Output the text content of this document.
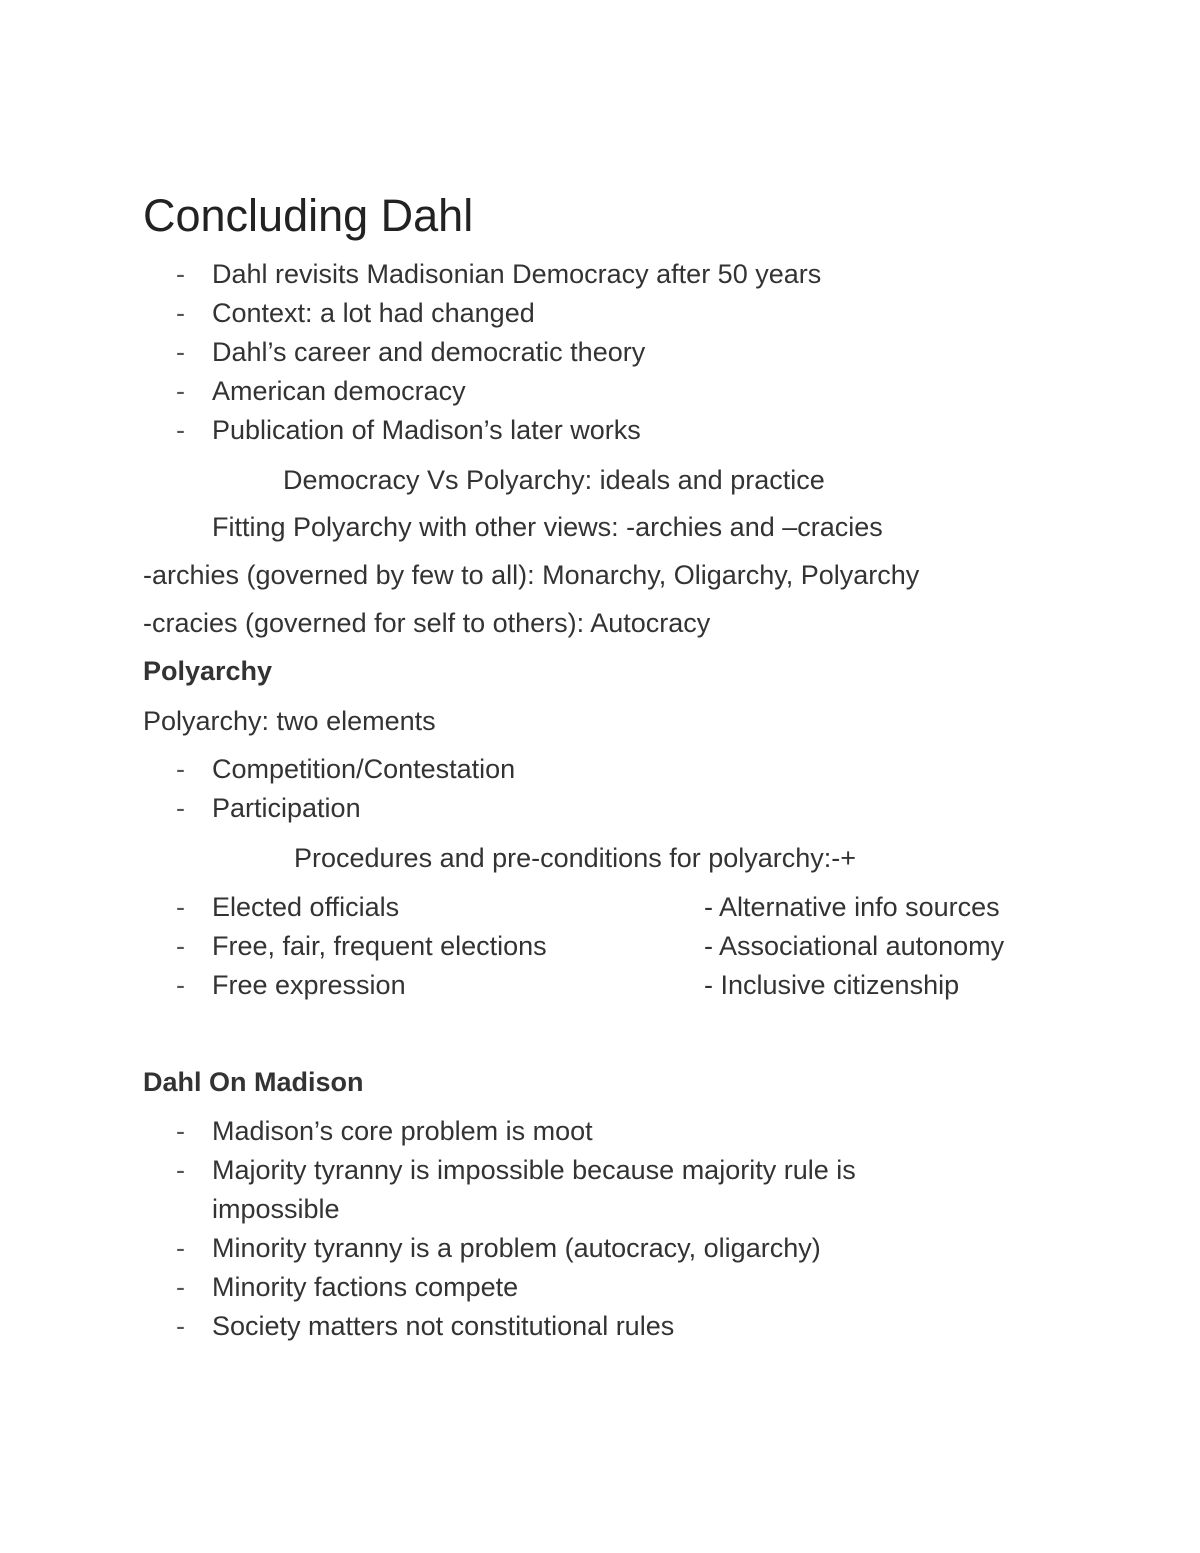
Concluding Dahl
- Dahl revisits Madisonian Democracy after 50 years
- Context: a lot had changed
- Dahl’s career and democratic theory
- American democracy
- Publication of Madison’s later works
Democracy Vs Polyarchy: ideals and practice
Fitting Polyarchy with other views: -archies and –cracies
-archies (governed by few to all): Monarchy, Oligarchy, Polyarchy
-cracies (governed for self to others): Autocracy
Polyarchy
Polyarchy: two elements
- Competition/Contestation
- Participation
Procedures and pre-conditions for polyarchy:-+
- Elected officials	- Alternative info sources
- Free, fair, frequent elections	- Associational autonomy
- Free expression	- Inclusive citizenship
Dahl On Madison
- Madison’s core problem is moot
- Majority tyranny is impossible because majority rule is
impossible
- Minority tyranny is a problem (autocracy, oligarchy)
- Minority factions compete
- Society matters not constitutional rules
